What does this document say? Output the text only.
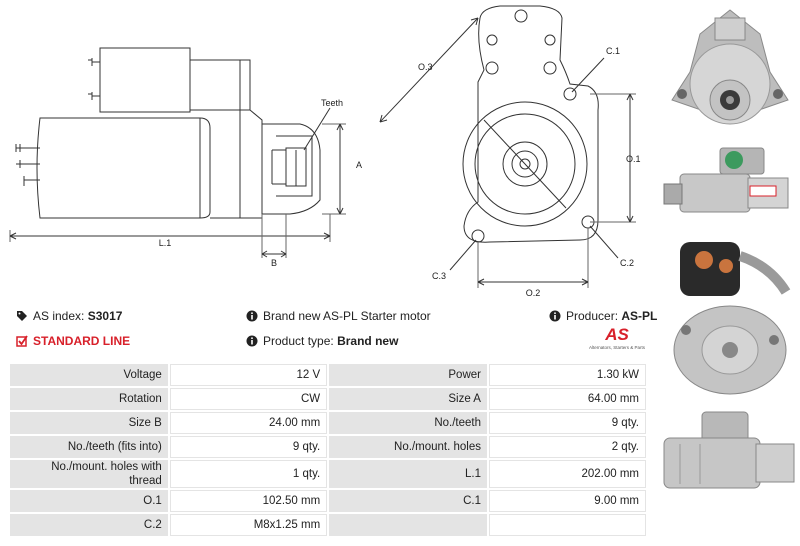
Teeth
A
B
L.1
O.3
C.1
O.1
C.3
C.2
O.2
AS index: S3017
STANDARD LINE
Brand new AS-PL Starter motor
Product type: Brand new
Producer: AS-PL
AS
Alternators, Starters & Parts
Voltage	12 V	Power	1.30 kW
Rotation	CW	Size A	64.00 mm
Size B	24.00 mm	No./teeth	9 qty.
No./teeth (fits into)	9 qty.	No./mount. holes	2 qty.
No./mount. holes with thread	1 qty.	L.1	202.00 mm
O.1	102.50 mm	C.1	9.00 mm
C.2	M8x1.25 mm		
